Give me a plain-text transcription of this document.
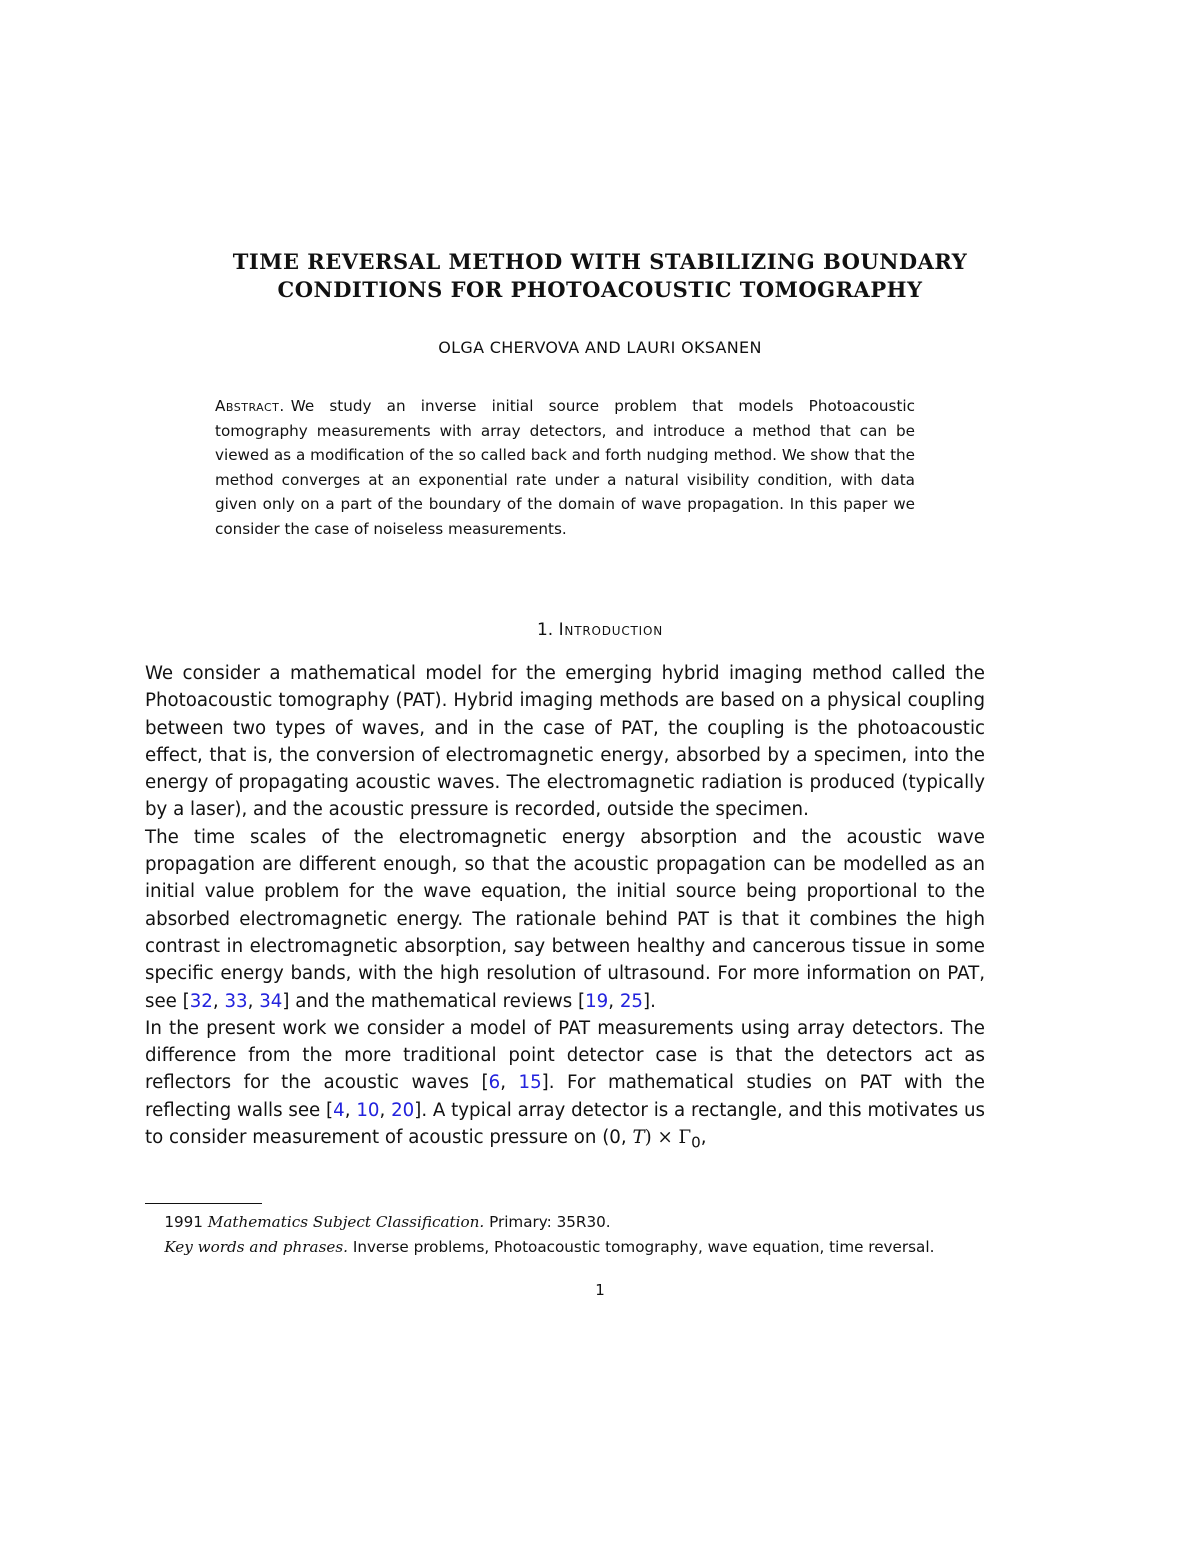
TIME REVERSAL METHOD WITH STABILIZING BOUNDARY
CONDITIONS FOR PHOTOACOUSTIC TOMOGRAPHY
OLGA CHERVOVA AND LAURI OKSANEN
Abstract. We study an inverse initial source problem that models Photoacoustic tomography measurements with array detectors, and introduce a method that can be viewed as a modification of the so called back and forth nudging method. We show that the method converges at an exponential rate under a natural visibility condition, with data given only on a part of the boundary of the domain of wave propagation. In this paper we consider the case of noiseless measurements.
1. Introduction

We consider a mathematical model for the emerging hybrid imaging method called the Photoacoustic tomography (PAT). Hybrid imaging methods are based on a physical coupling between two types of waves, and in the case of PAT, the coupling is the photoacoustic effect, that is, the conversion of electromagnetic energy, absorbed by a specimen, into the energy of propagating acoustic waves. The electromagnetic radiation is produced (typically by a laser), and the acoustic pressure is recorded, outside the specimen.

The time scales of the electromagnetic energy absorption and the acoustic wave propagation are different enough, so that the acoustic propagation can be modelled as an initial value problem for the wave equation, the initial source being proportional to the absorbed electromagnetic energy. The rationale behind PAT is that it combines the high contrast in electromagnetic absorption, say between healthy and cancerous tissue in some specific energy bands, with the high resolution of ultrasound. For more information on PAT, see [32, 33, 34] and the mathematical reviews [19, 25].

In the present work we consider a model of PAT measurements using array detectors. The difference from the more traditional point detector case is that the detectors act as reflectors for the acoustic waves [6, 15]. For mathematical studies on PAT with the reflecting walls see [4, 10, 20]. A typical array detector is a rectangle, and this motivates us to consider measurement of acoustic pressure on (0, $T) \times \Gamma_0$,

1991 Mathematics Subject Classification. Primary: 35R30.

Key words and phrases. Inverse problems, Photoacoustic tomography, wave equation, time reversal.

1
